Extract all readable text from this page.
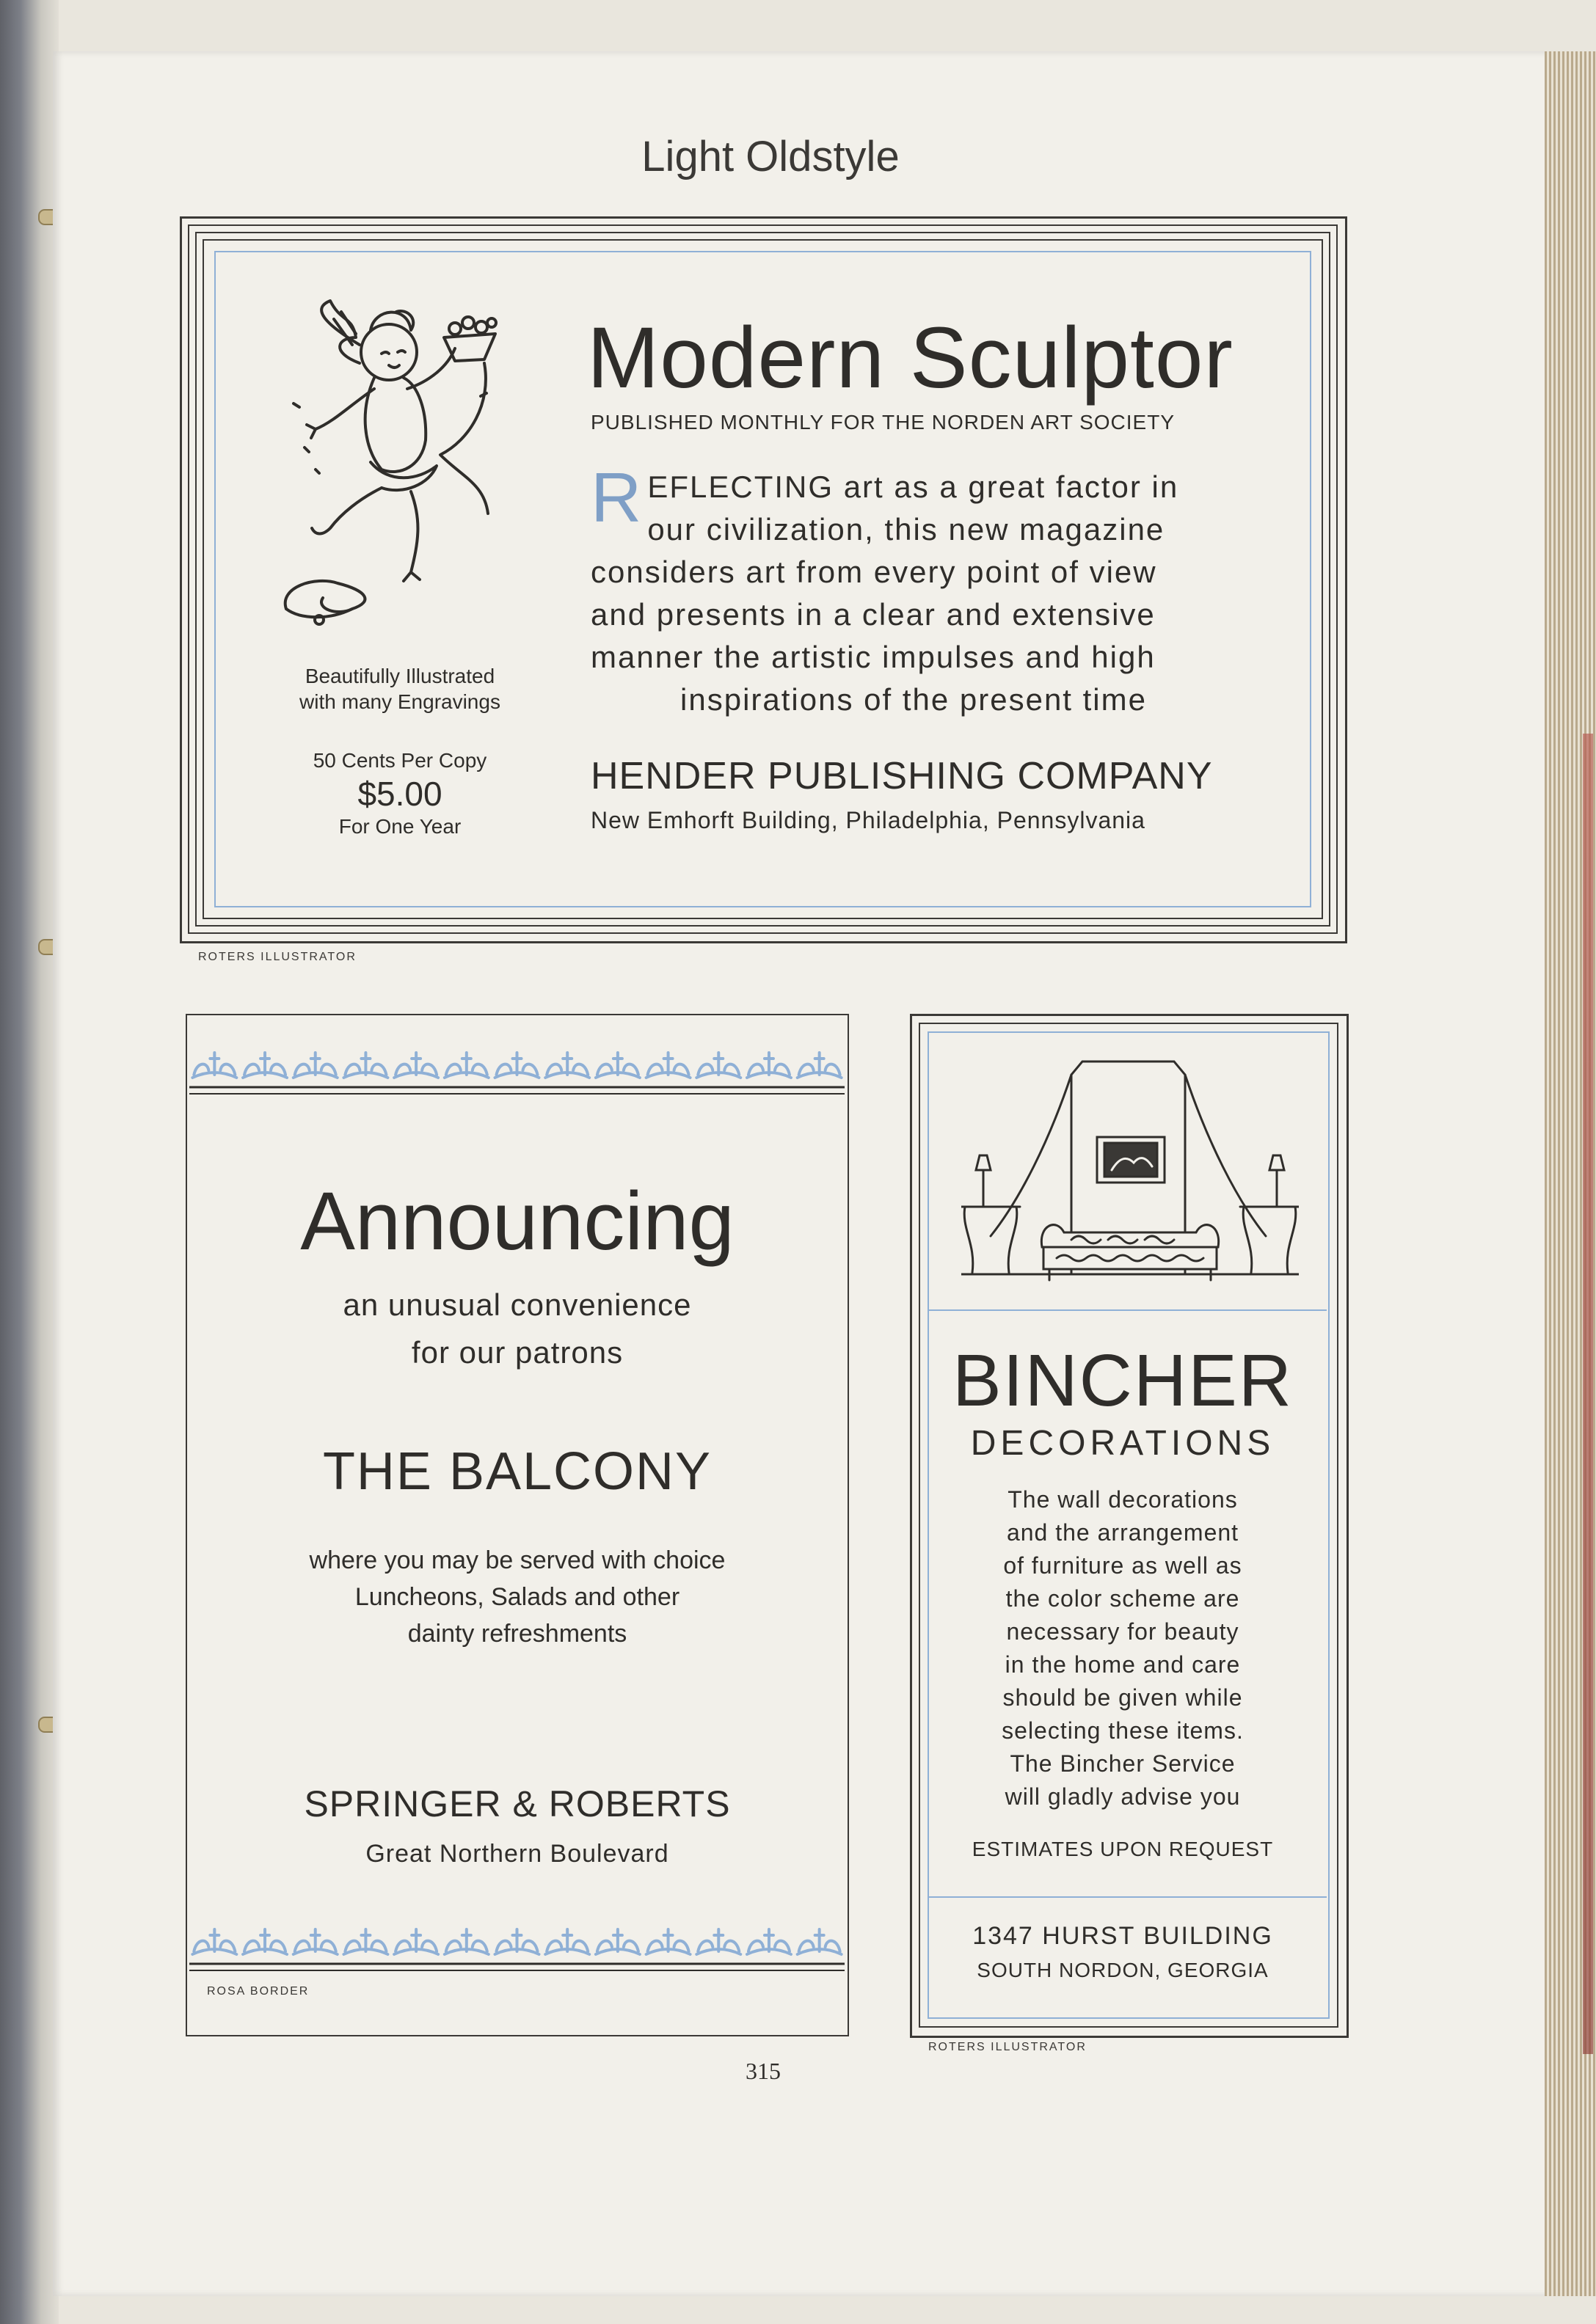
Light Oldstyle
Beautifully Illustrated
with many Engravings
50 Cents Per Copy
$5.00
For One Year
Modern Sculptor
PUBLISHED MONTHLY FOR THE NORDEN ART SOCIETY
R EFLECTING art as a great factor in
our civilization, this new magazine
considers art from every point of view
and presents in a clear and extensive
manner the artistic impulses and high
inspirations of the present time
HENDER PUBLISHING COMPANY
New Emhorft Building, Philadelphia, Pennsylvania
ROTERS ILLUSTRATOR
Announcing
an unusual convenience
for our patrons
THE BALCONY
where you may be served with choice
Luncheons, Salads and other
dainty refreshments
SPRINGER & ROBERTS
Great Northern Boulevard
ROSA BORDER
BINCHER
DECORATIONS
The wall decorations
and the arrangement
of furniture as well as
the color scheme are
necessary for beauty
in the home and care
should be given while
selecting these items.
The Bincher Service
will gladly advise you
ESTIMATES UPON REQUEST
1347 HURST BUILDING
SOUTH NORDON, GEORGIA
ROTERS ILLUSTRATOR
315
